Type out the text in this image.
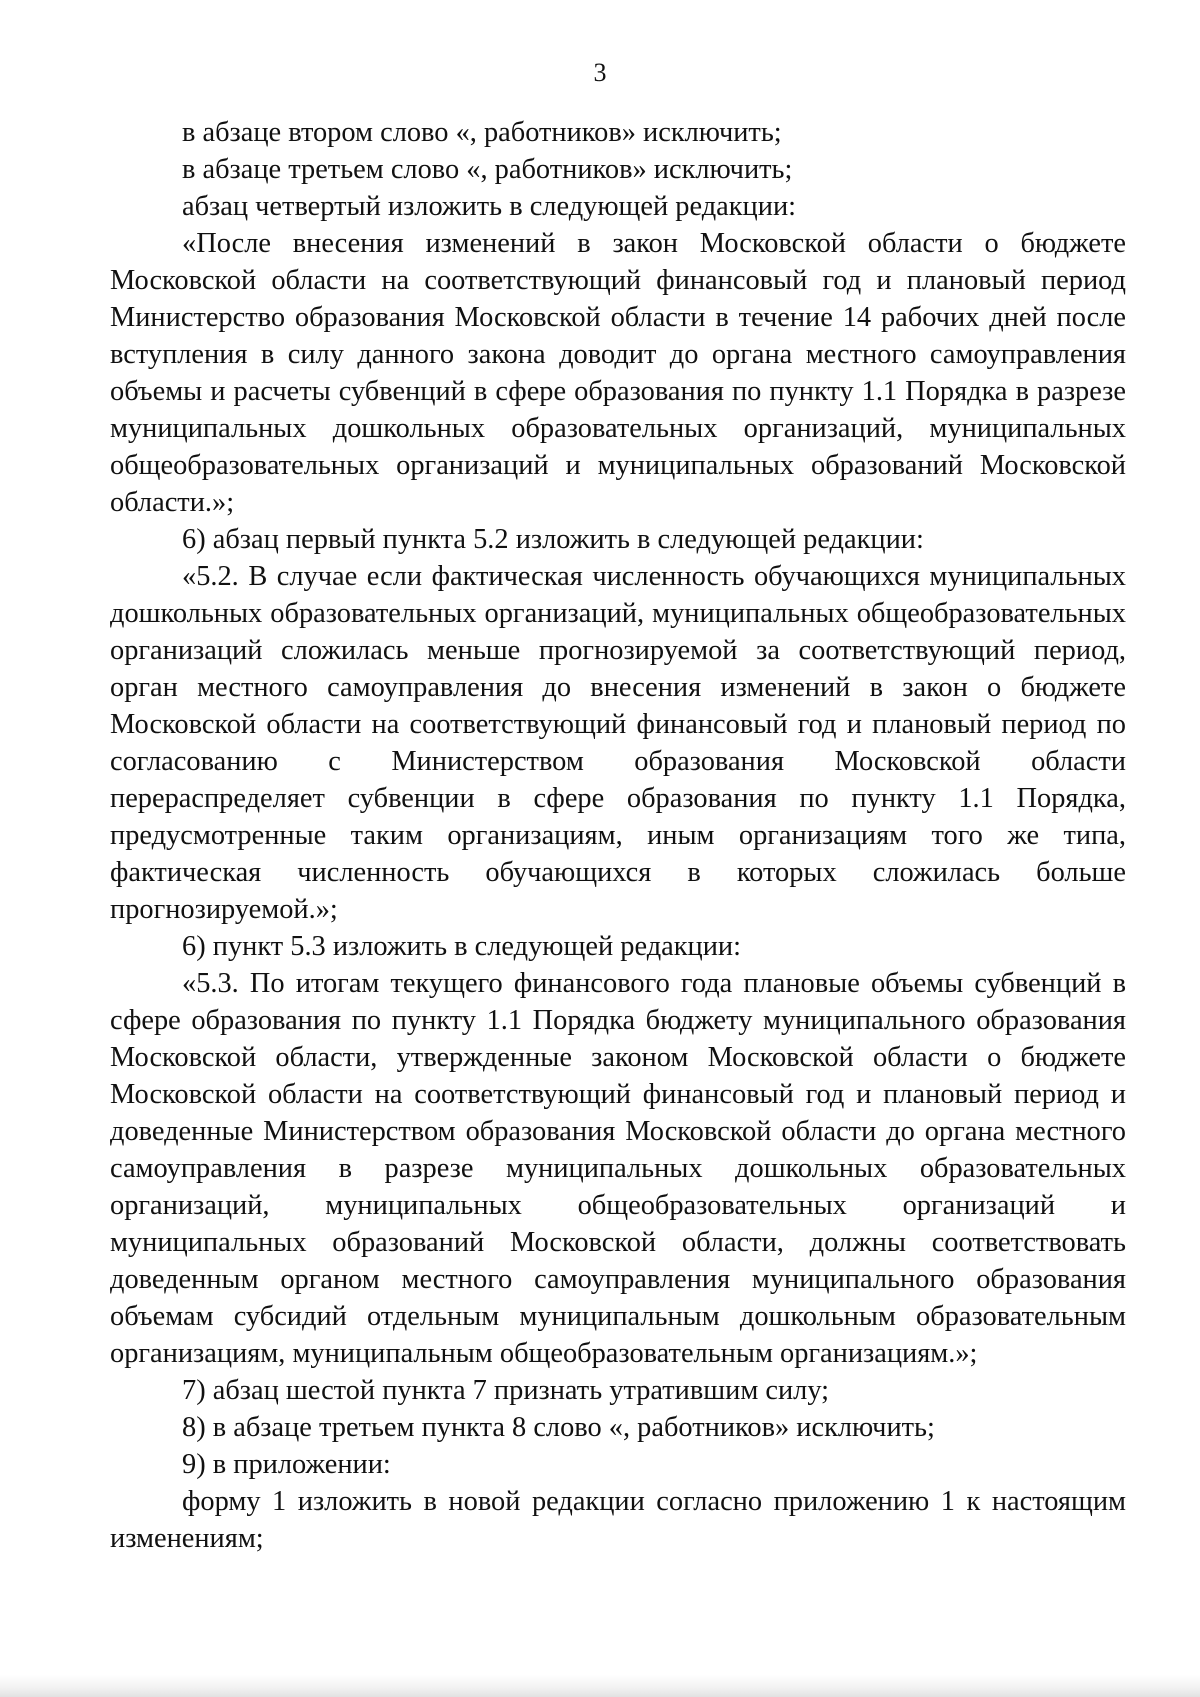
3

в абзаце втором слово «, работников» исключить;

в абзаце третьем слово «, работников» исключить;

абзац четвертый изложить в следующей редакции:

«После внесения изменений в закон Московской области о бюджете Московской области на соответствующий финансовый год и плановый период Министерство образования Московской области в течение 14 рабочих дней после вступления в силу данного закона доводит до органа местного самоуправления объемы и расчеты субвенций в сфере образования по пункту 1.1 Порядка в разрезе муниципальных дошкольных образовательных организаций, муниципальных общеобразовательных организаций и муниципальных образований Московской области.»;

6) абзац первый пункта 5.2 изложить в следующей редакции:

«5.2. В случае если фактическая численность обучающихся муниципальных дошкольных образовательных организаций, муниципальных общеобразовательных организаций сложилась меньше прогнозируемой за соответствующий период, орган местного самоуправления до внесения изменений в закон о бюджете Московской области на соответствующий финансовый год и плановый период по согласованию с Министерством образования Московской области перераспределяет субвенции в сфере образования по пункту 1.1 Порядка, предусмотренные таким организациям, иным организациям того же типа, фактическая численность обучающихся в которых сложилась больше прогнозируемой.»;

6) пункт 5.3 изложить в следующей редакции:

«5.3. По итогам текущего финансового года плановые объемы субвенций в сфере образования по пункту 1.1 Порядка бюджету муниципального образования Московской области, утвержденные законом Московской области о бюджете Московской области на соответствующий финансовый год и плановый период и доведенные Министерством образования Московской области до органа местного самоуправления в разрезе муниципальных дошкольных образовательных организаций, муниципальных общеобразовательных организаций и муниципальных образований Московской области, должны соответствовать доведенным органом местного самоуправления муниципального образования объемам субсидий отдельным муниципальным дошкольным образовательным организациям, муниципальным общеобразовательным организациям.»;

7) абзац шестой пункта 7 признать утратившим силу;

8) в абзаце третьем пункта 8 слово «, работников» исключить;

9) в приложении:

форму 1 изложить в новой редакции согласно приложению 1 к настоящим изменениям;
